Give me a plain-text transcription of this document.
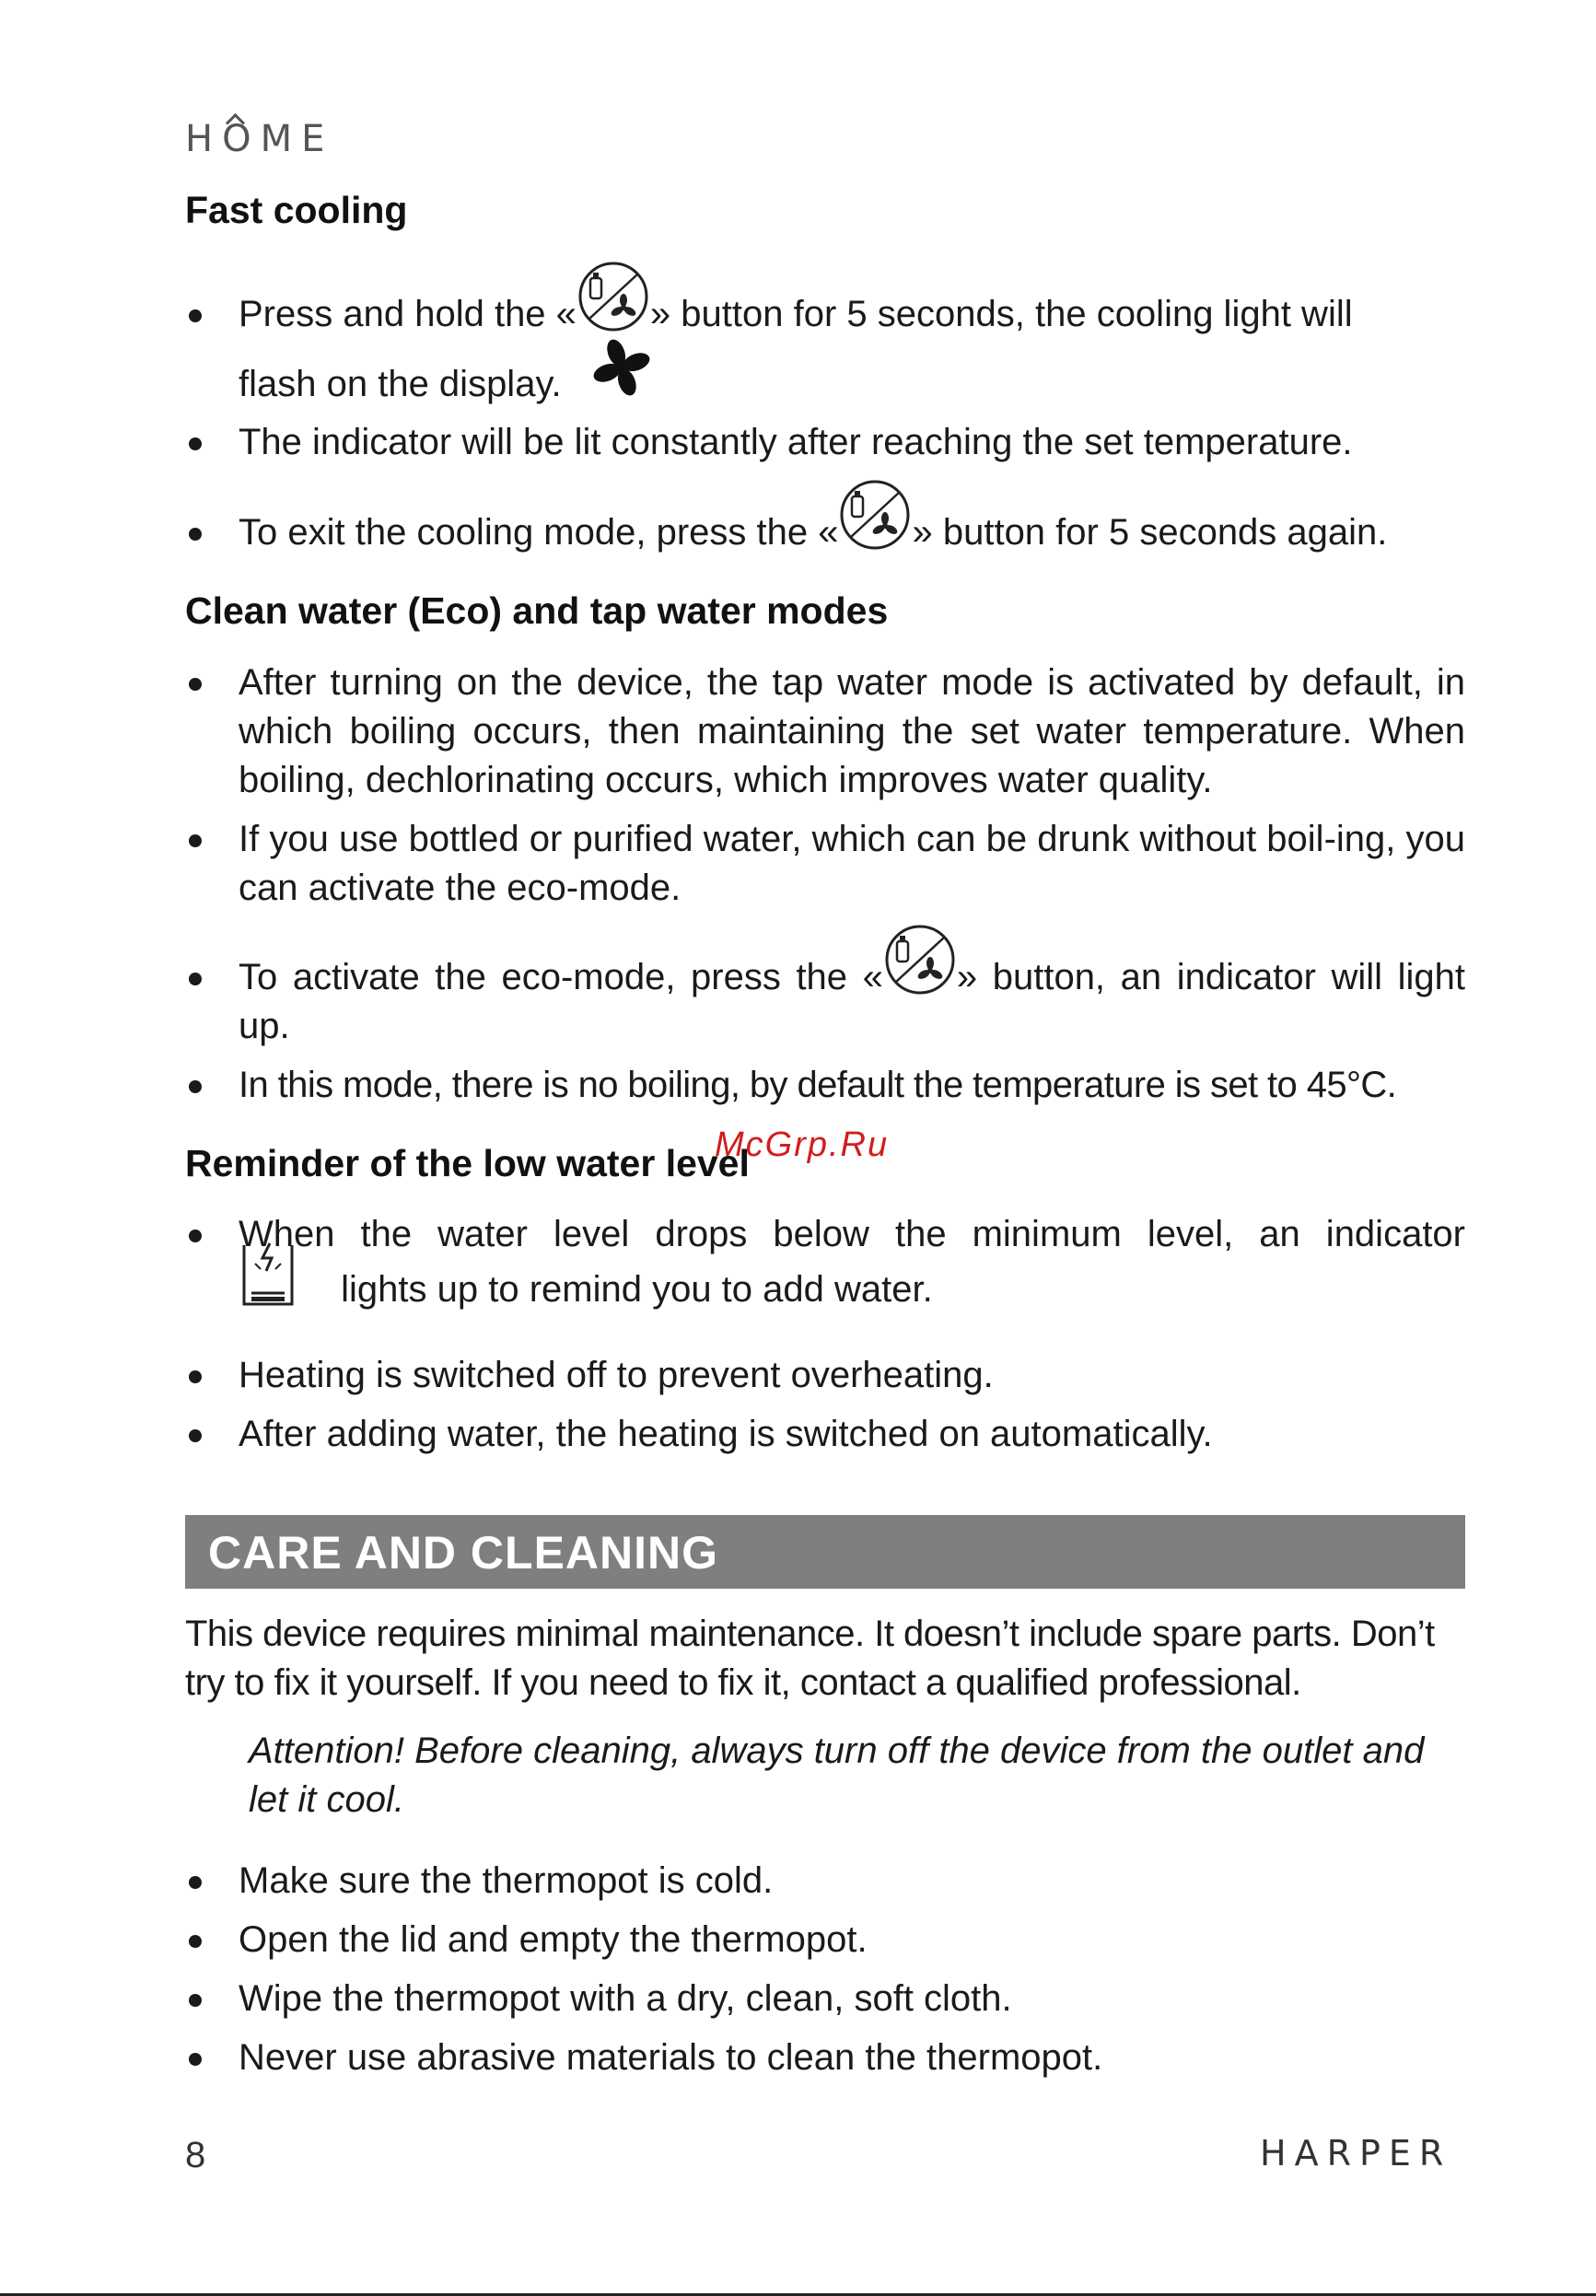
HOME
Fast cooling
Press and hold the « » button for 5 seconds, the cooling light will
flash on the display.
The indicator will be lit constantly after reaching the set temperature.
To exit the cooling mode, press the « » button for 5 seconds again.
Clean water (Eco) and tap water modes
After turning on the device, the tap water mode is activated by default, in which boiling occurs, then maintaining the set water temperature. When boiling, dechlorinating occurs, which improves water quality.
If you use bottled or purified water, which can be drunk without boil-ing, you can activate the eco-mode.
To activate the eco-mode, press the « » button, an indicator will light up.
In this mode, there is no boiling, by default the temperature is set to 45°C.
Reminder of the low water level
McGrp.Ru
When the water level drops below the minimum level, an indicator
lights up to remind you to add water.
Heating is switched off to prevent overheating.
After adding water, the heating is switched on automatically.
CARE AND CLEANING
This device requires minimal maintenance. It doesn’t include spare parts. Don’t try to fix it yourself. If you need to fix it, contact a qualified professional.
Attention! Before cleaning, always turn off the device from the outlet and let it cool.
Make sure the thermopot is cold.
Open the lid and empty the thermopot.
Wipe the thermopot with a dry, clean, soft cloth.
Never use abrasive materials to clean the thermopot.
8	HARPER
